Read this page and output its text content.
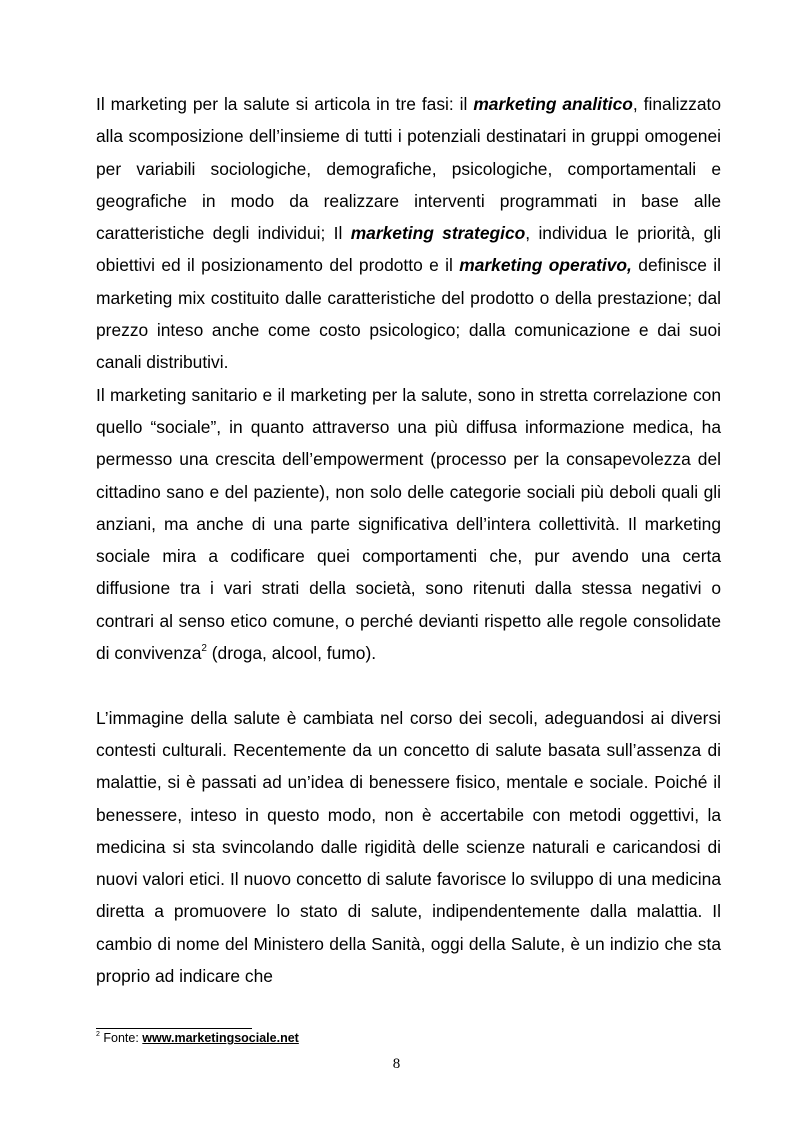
Il marketing per la salute si articola in tre fasi: il marketing analitico, finalizzato alla scomposizione dell’insieme di tutti i potenziali destinatari in gruppi omogenei per variabili sociologiche, demografiche, psicologiche, comportamentali e geografiche in modo da realizzare interventi programmati in base alle caratteristiche degli individui; Il marketing strategico, individua le priorità, gli obiettivi ed il posizionamento del prodotto e il marketing operativo, definisce il marketing mix costituito dalle caratteristiche del prodotto o della prestazione; dal prezzo inteso anche come costo psicologico; dalla comunicazione e dai suoi canali distributivi.

Il marketing sanitario e il marketing per la salute, sono in stretta correlazione con quello “sociale”, in quanto attraverso una più diffusa informazione medica, ha permesso una crescita dell’empowerment (processo per la consapevolezza del cittadino sano e del paziente), non solo delle categorie sociali più deboli quali gli anziani, ma anche di una parte significativa dell’intera collettività. Il marketing sociale mira a codificare quei comportamenti che, pur avendo una certa diffusione tra i vari strati della società, sono ritenuti dalla stessa negativi o contrari al senso etico comune, o perché devianti rispetto alle regole consolidate di convivenza$^2$ (droga, alcool, fumo).

L’immagine della salute è cambiata nel corso dei secoli, adeguandosi ai diversi contesti culturali. Recentemente da un concetto di salute basata sull’assenza di malattie, si è passati ad un’idea di benessere fisico, mentale e sociale. Poiché il benessere, inteso in questo modo, non è accertabile con metodi oggettivi, la medicina si sta svincolando dalle rigidità delle scienze naturali e caricandosi di nuovi valori etici. Il nuovo concetto di salute favorisce lo sviluppo di una medicina diretta a promuovere lo stato di salute, indipendentemente dalla malattia. Il cambio di nome del Ministero della Sanità, oggi della Salute, è un indizio che sta proprio ad indicare che

$^2$ Fonte: www.marketingsociale.net
8
